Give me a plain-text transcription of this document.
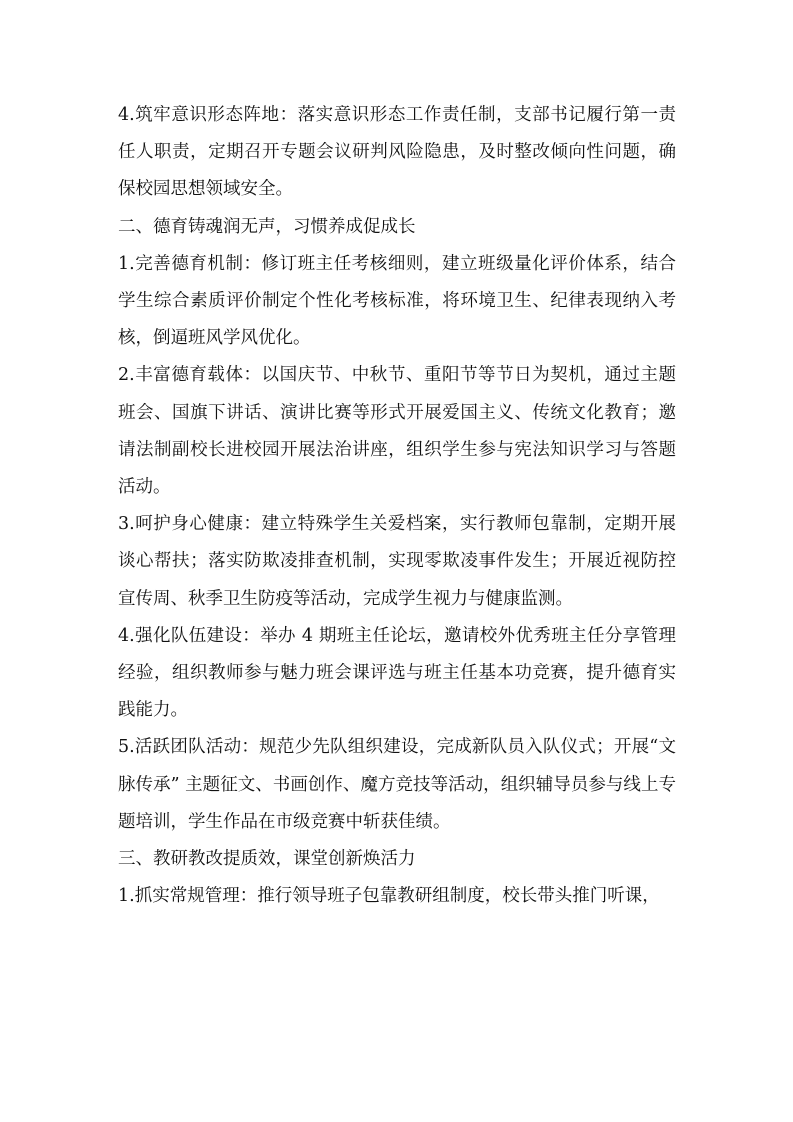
4.筑牢意识形态阵地：落实意识形态工作责任制，支部书记履行第一责任人职责，定期召开专题会议研判风险隐患，及时整改倾向性问题，确保校园思想领域安全。

二、德育铸魂润无声，习惯养成促成长

1.完善德育机制：修订班主任考核细则，建立班级量化评价体系，结合学生综合素质评价制定个性化考核标准，将环境卫生、纪律表现纳入考核，倒逼班风学风优化。

2.丰富德育载体：以国庆节、中秋节、重阳节等节日为契机，通过主题班会、国旗下讲话、演讲比赛等形式开展爱国主义、传统文化教育；邀请法制副校长进校园开展法治讲座，组织学生参与宪法知识学习与答题活动。

3.呵护身心健康：建立特殊学生关爱档案，实行教师包靠制，定期开展谈心帮扶；落实防欺凌排查机制，实现零欺凌事件发生；开展近视防控宣传周、秋季卫生防疫等活动，完成学生视力与健康监测。

4.强化队伍建设：举办 4 期班主任论坛，邀请校外优秀班主任分享管理经验，组织教师参与魅力班会课评选与班主任基本功竞赛，提升德育实践能力。

5.活跃团队活动：规范少先队组织建设，完成新队员入队仪式；开展“文脉传承” 主题征文、书画创作、魔方竞技等活动，组织辅导员参与线上专题培训，学生作品在市级竞赛中斩获佳绩。

三、教研教改提质效，课堂创新焕活力

1.抓实常规管理：推行领导班子包靠教研组制度，校长带头推门听课，
